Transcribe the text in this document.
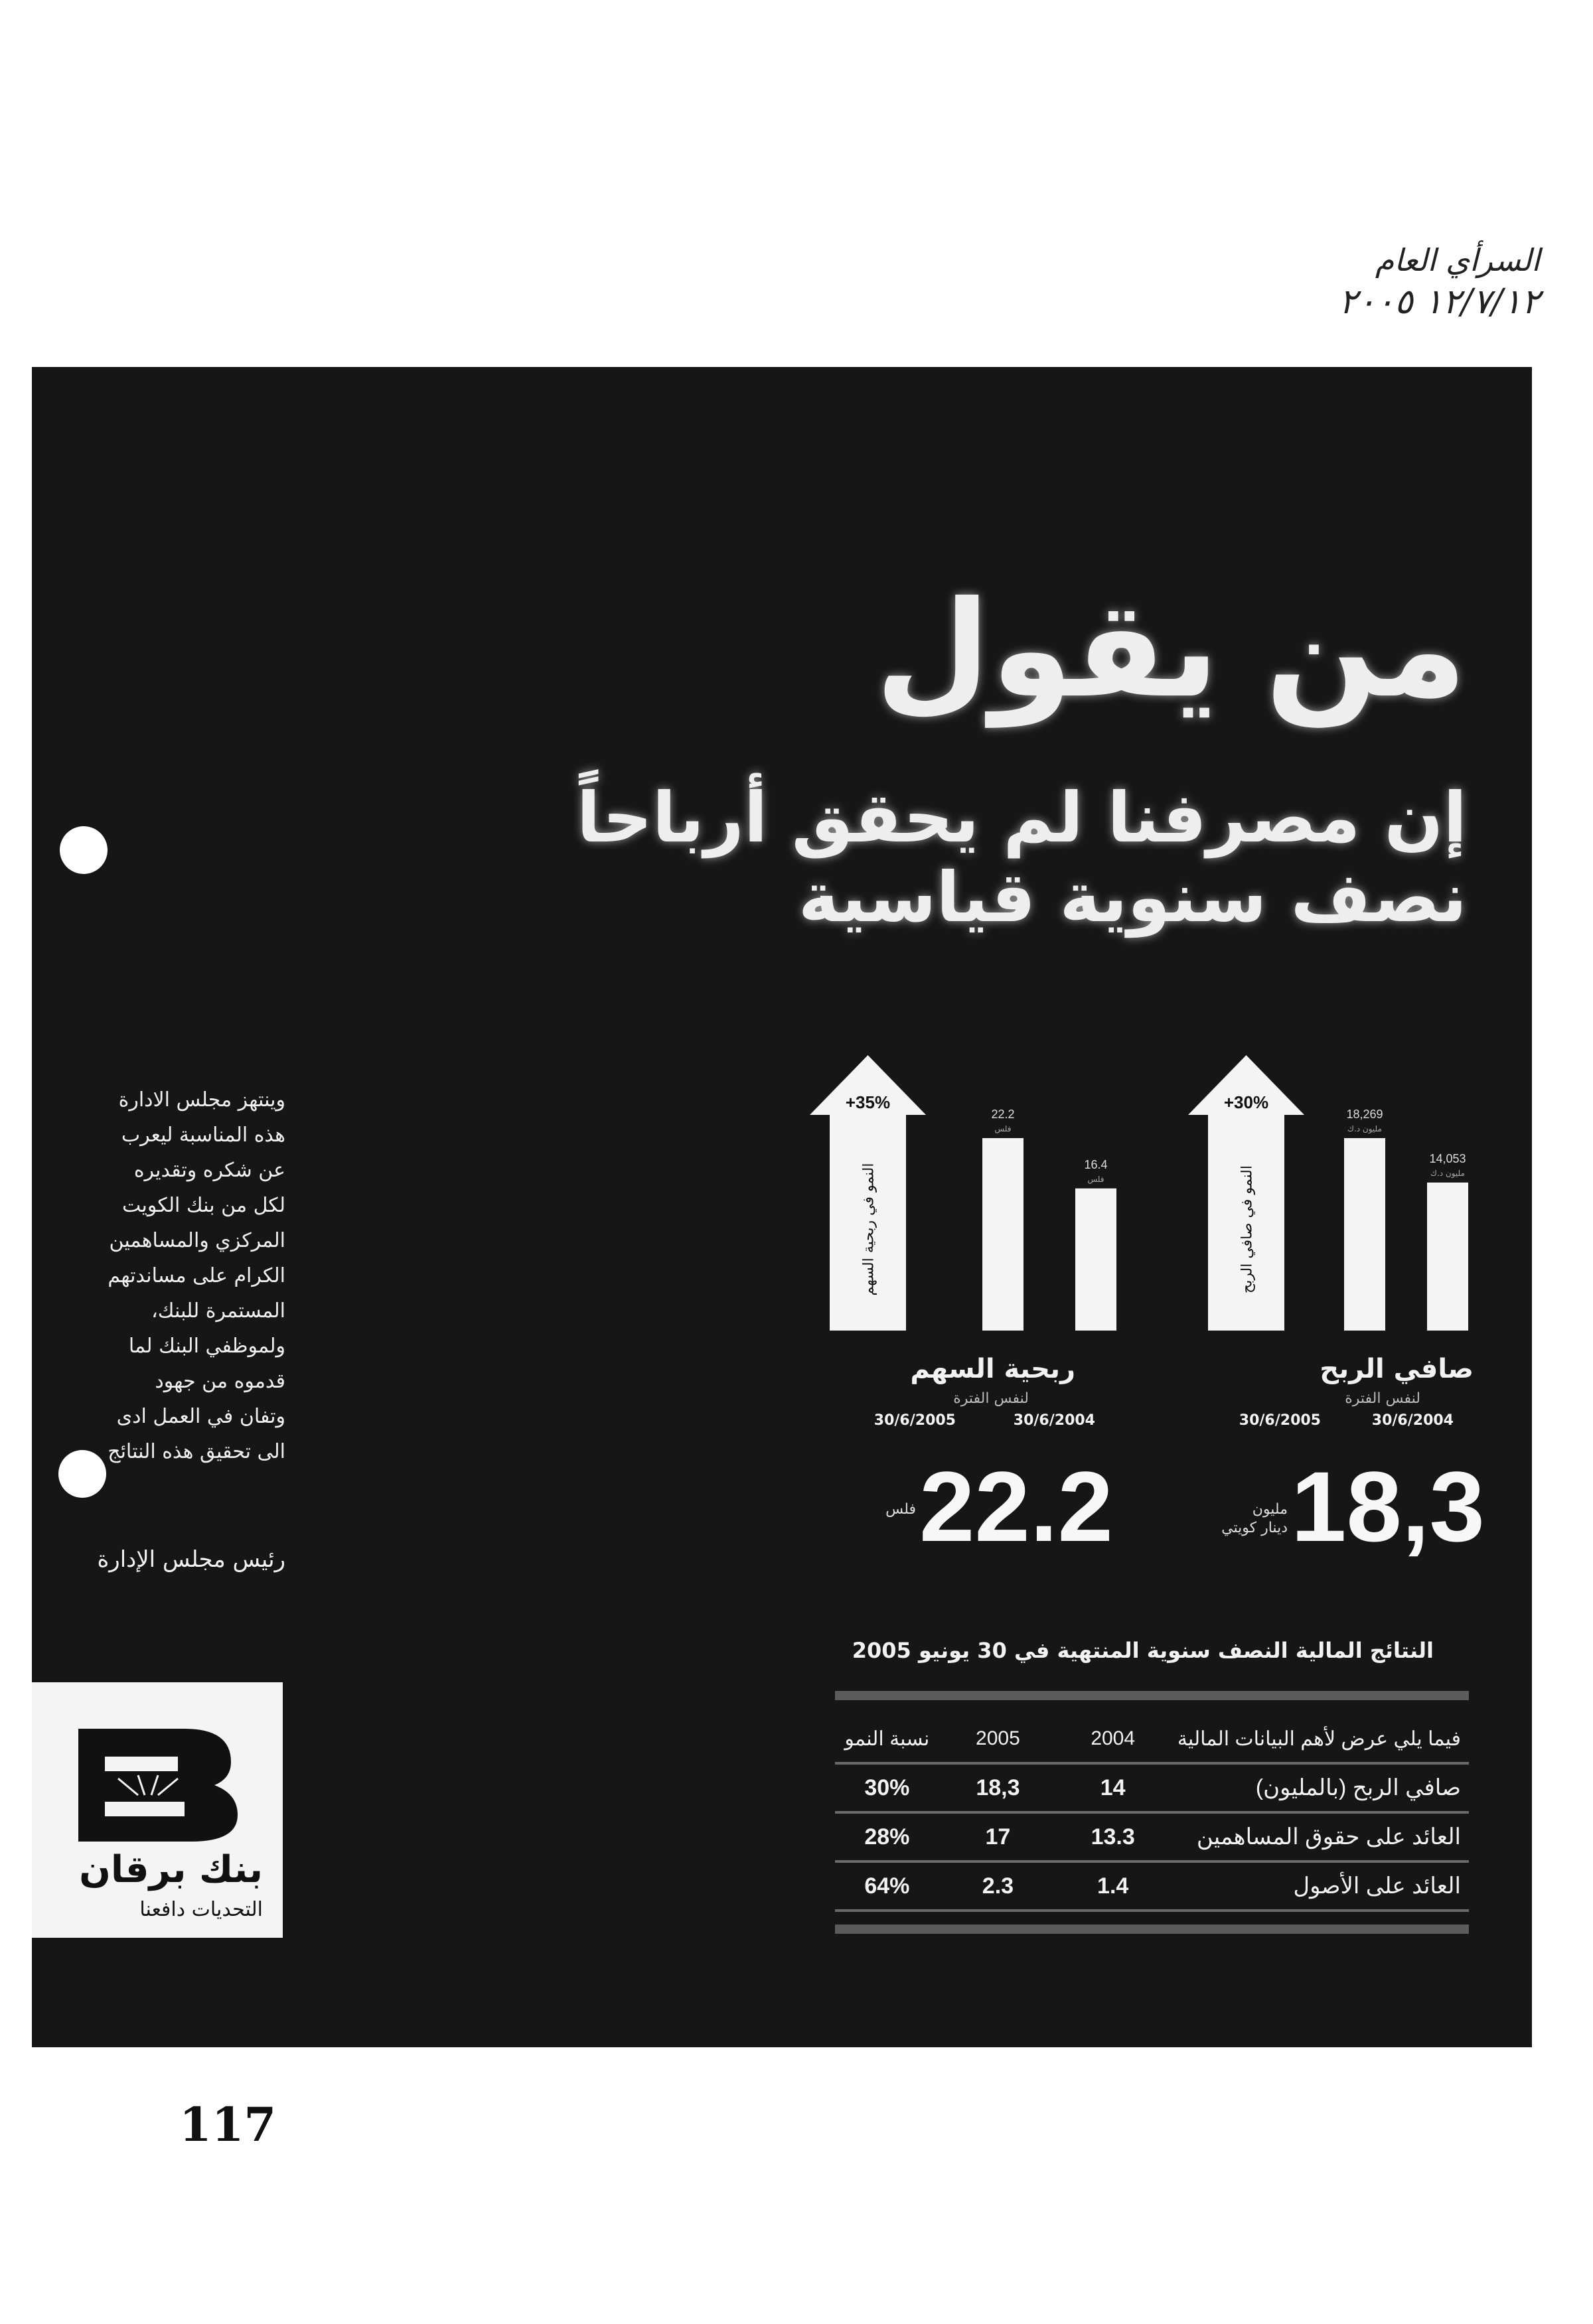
السرأي العام
١٢/٧/١٢ ٢٠٠٥
من يقول
إن مصرفنا لم يحقق أرباحاً
نصف سنوية قياسية
وينتهز مجلس الادارة
هذه المناسبة ليعرب
عن شكره وتقديره
لكل من بنك الكويت
المركزي والمساهمين
الكرام على مساندتهم
المستمرة للبنك،
ولموظفي البنك لما
قدموه من جهود
وتفان في العمل ادى
الى تحقيق هذه النتائج
رئيس مجلس الإدارة
بنك برقان
التحديات دافعنا
+35%
النمو في ربحية السهم	16.4
فلس
22.2
فلس
+30%
النمو في صافي الربح
14,053
مليون د.ك
18,269
مليون د.ك
صافي الربح
لنفس الفترة
30/6/2004
30/6/2005
ربحية السهم
لنفس الفترة
30/6/2004
30/6/2005
18,3
مليون
دينار كويتي
22.2
فلس
النتائج المالية النصف سنوية المنتهية في 30 يونيو 2005
فيما يلي عرض لأهم البيانات المالية	2004	2005	نسبة النمو
صافي الربح (بالمليون)	14	18,3	30%
العائد على حقوق المساهمين	13.3	17	28%
العائد على الأصول	1.4	2.3	64%
117
